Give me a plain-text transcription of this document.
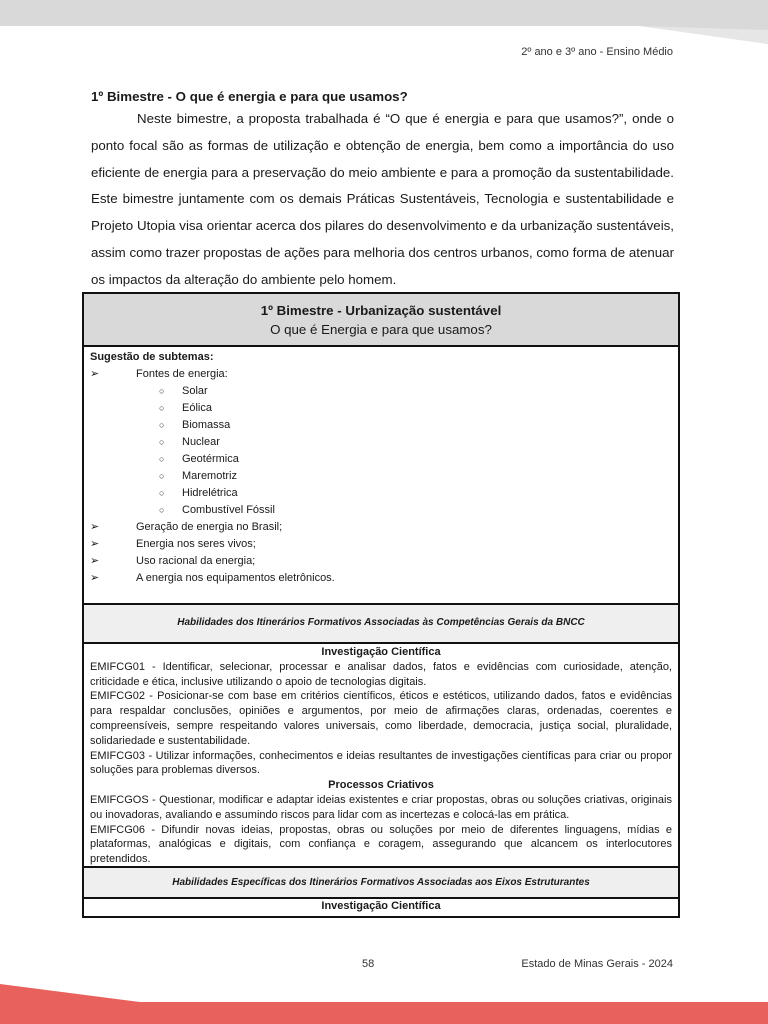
2º ano e 3º ano - Ensino Médio
1º Bimestre - O que é energia e para que usamos?

Neste bimestre, a proposta trabalhada é “O que é energia e para que usamos?”, onde o ponto focal são as formas de utilização e obtenção de energia, bem como a importância do uso eficiente de energia para a preservação do meio ambiente e para a promoção da sustentabilidade. Este bimestre juntamente com os demais Práticas Sustentáveis, Tecnologia e sustentabilidade e Projeto Utopia visa orientar acerca dos pilares do desenvolvimento e da urbanização sustentáveis, assim como trazer propostas de ações para melhoria dos centros urbanos, como forma de atenuar os impactos da alteração do ambiente pelo homem.

1º Bimestre - Urbanização sustentável
O que é Energia e para que usamos?
Sugestão de subtemas:
➢	Fontes de energia:
○ Solar
○ Eólica
○ Biomassa
○ Nuclear
○ Geotérmica
○ Maremotriz
○ Hidrelétrica
○ Combustível Fóssil
➢	Geração de energia no Brasil;
➢	Energia nos seres vivos;
➢	Uso racional da energia;
➢	A energia nos equipamentos eletrônicos.
Habilidades dos Itinerários Formativos Associadas às Competências Gerais da BNCC
Investigação Científica

EMIFCG01 - Identificar, selecionar, processar e analisar dados, fatos e evidências com curiosidade, atenção, criticidade e ética, inclusive utilizando o apoio de tecnologias digitais.

EMIFCG02 - Posicionar-se com base em critérios científicos, éticos e estéticos, utilizando dados, fatos e evidências para respaldar conclusões, opiniões e argumentos, por meio de afirmações claras, ordenadas, coerentes e compreensíveis, sempre respeitando valores universais, como liberdade, democracia, justiça social, pluralidade, solidariedade e sustentabilidade.

EMIFCG03 - Utilizar informações, conhecimentos e ideias resultantes de investigações científicas para criar ou propor soluções para problemas diversos.

Processos Criativos

EMIFCGOS - Questionar, modificar e adaptar ideias existentes e criar propostas, obras ou soluções criativas, originais ou inovadoras, avaliando e assumindo riscos para lidar com as incertezas e colocá-las em prática.

EMIFCG06 - Difundir novas ideias, propostas, obras ou soluções por meio de diferentes linguagens, mídias e plataformas, analógicas e digitais, com confiança e coragem, assegurando que alcancem os interlocutores pretendidos.

Habilidades Específicas dos Itinerários Formativos Associadas aos Eixos Estruturantes
Investigação Científica
58	Estado de Minas Gerais - 2024
